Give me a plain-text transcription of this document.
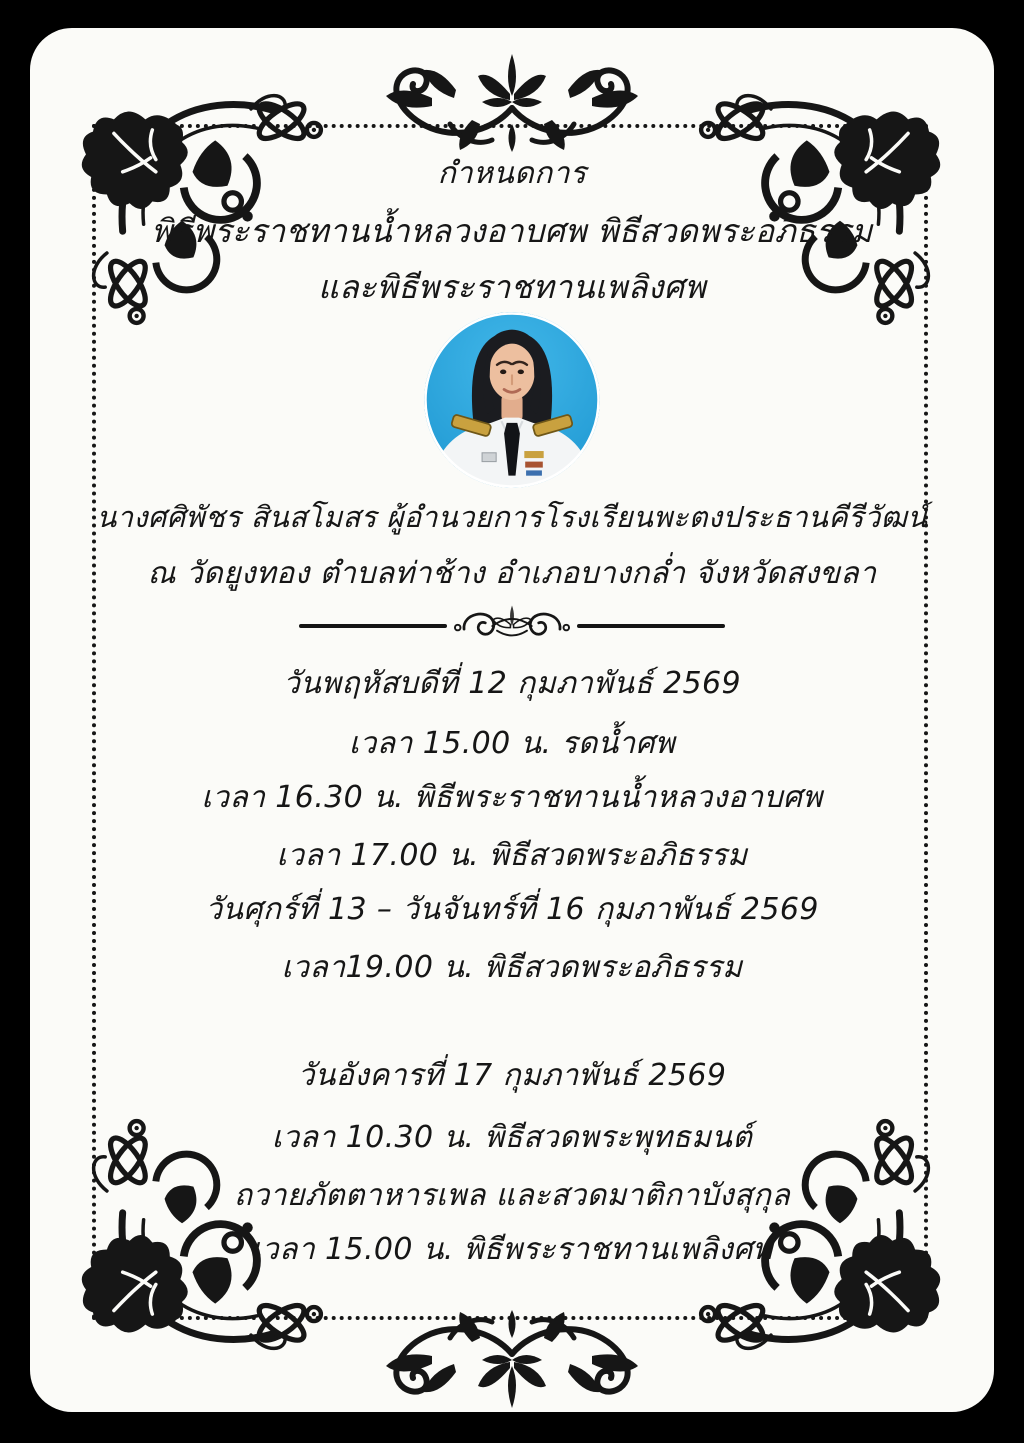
กำหนดการ
พิธีพระราชทานน้ำหลวงอาบศพ พิธีสวดพระอภิธรรม
และพิธีพระราชทานเพลิงศพ
นางศศิพัชร สินสโมสร ผู้อำนวยการโรงเรียนพะตงประธานคีรีวัฒน์
ณ วัดยูงทอง ตำบลท่าช้าง อำเภอบางกล่ำ จังหวัดสงขลา
วันพฤหัสบดีที่ 12 กุมภาพันธ์ 2569
เวลา 15.00 น. รดน้ำศพ
เวลา 16.30 น. พิธีพระราชทานน้ำหลวงอาบศพ
เวลา 17.00 น. พิธีสวดพระอภิธรรม
วันศุกร์ที่ 13 – วันจันทร์ที่ 16 กุมภาพันธ์ 2569
เวลา19.00 น. พิธีสวดพระอภิธรรม
วันอังคารที่ 17 กุมภาพันธ์ 2569
เวลา 10.30 น. พิธีสวดพระพุทธมนต์
ถวายภัตตาหารเพล และสวดมาติกาบังสุกุล
เวลา 15.00 น. พิธีพระราชทานเพลิงศพ
